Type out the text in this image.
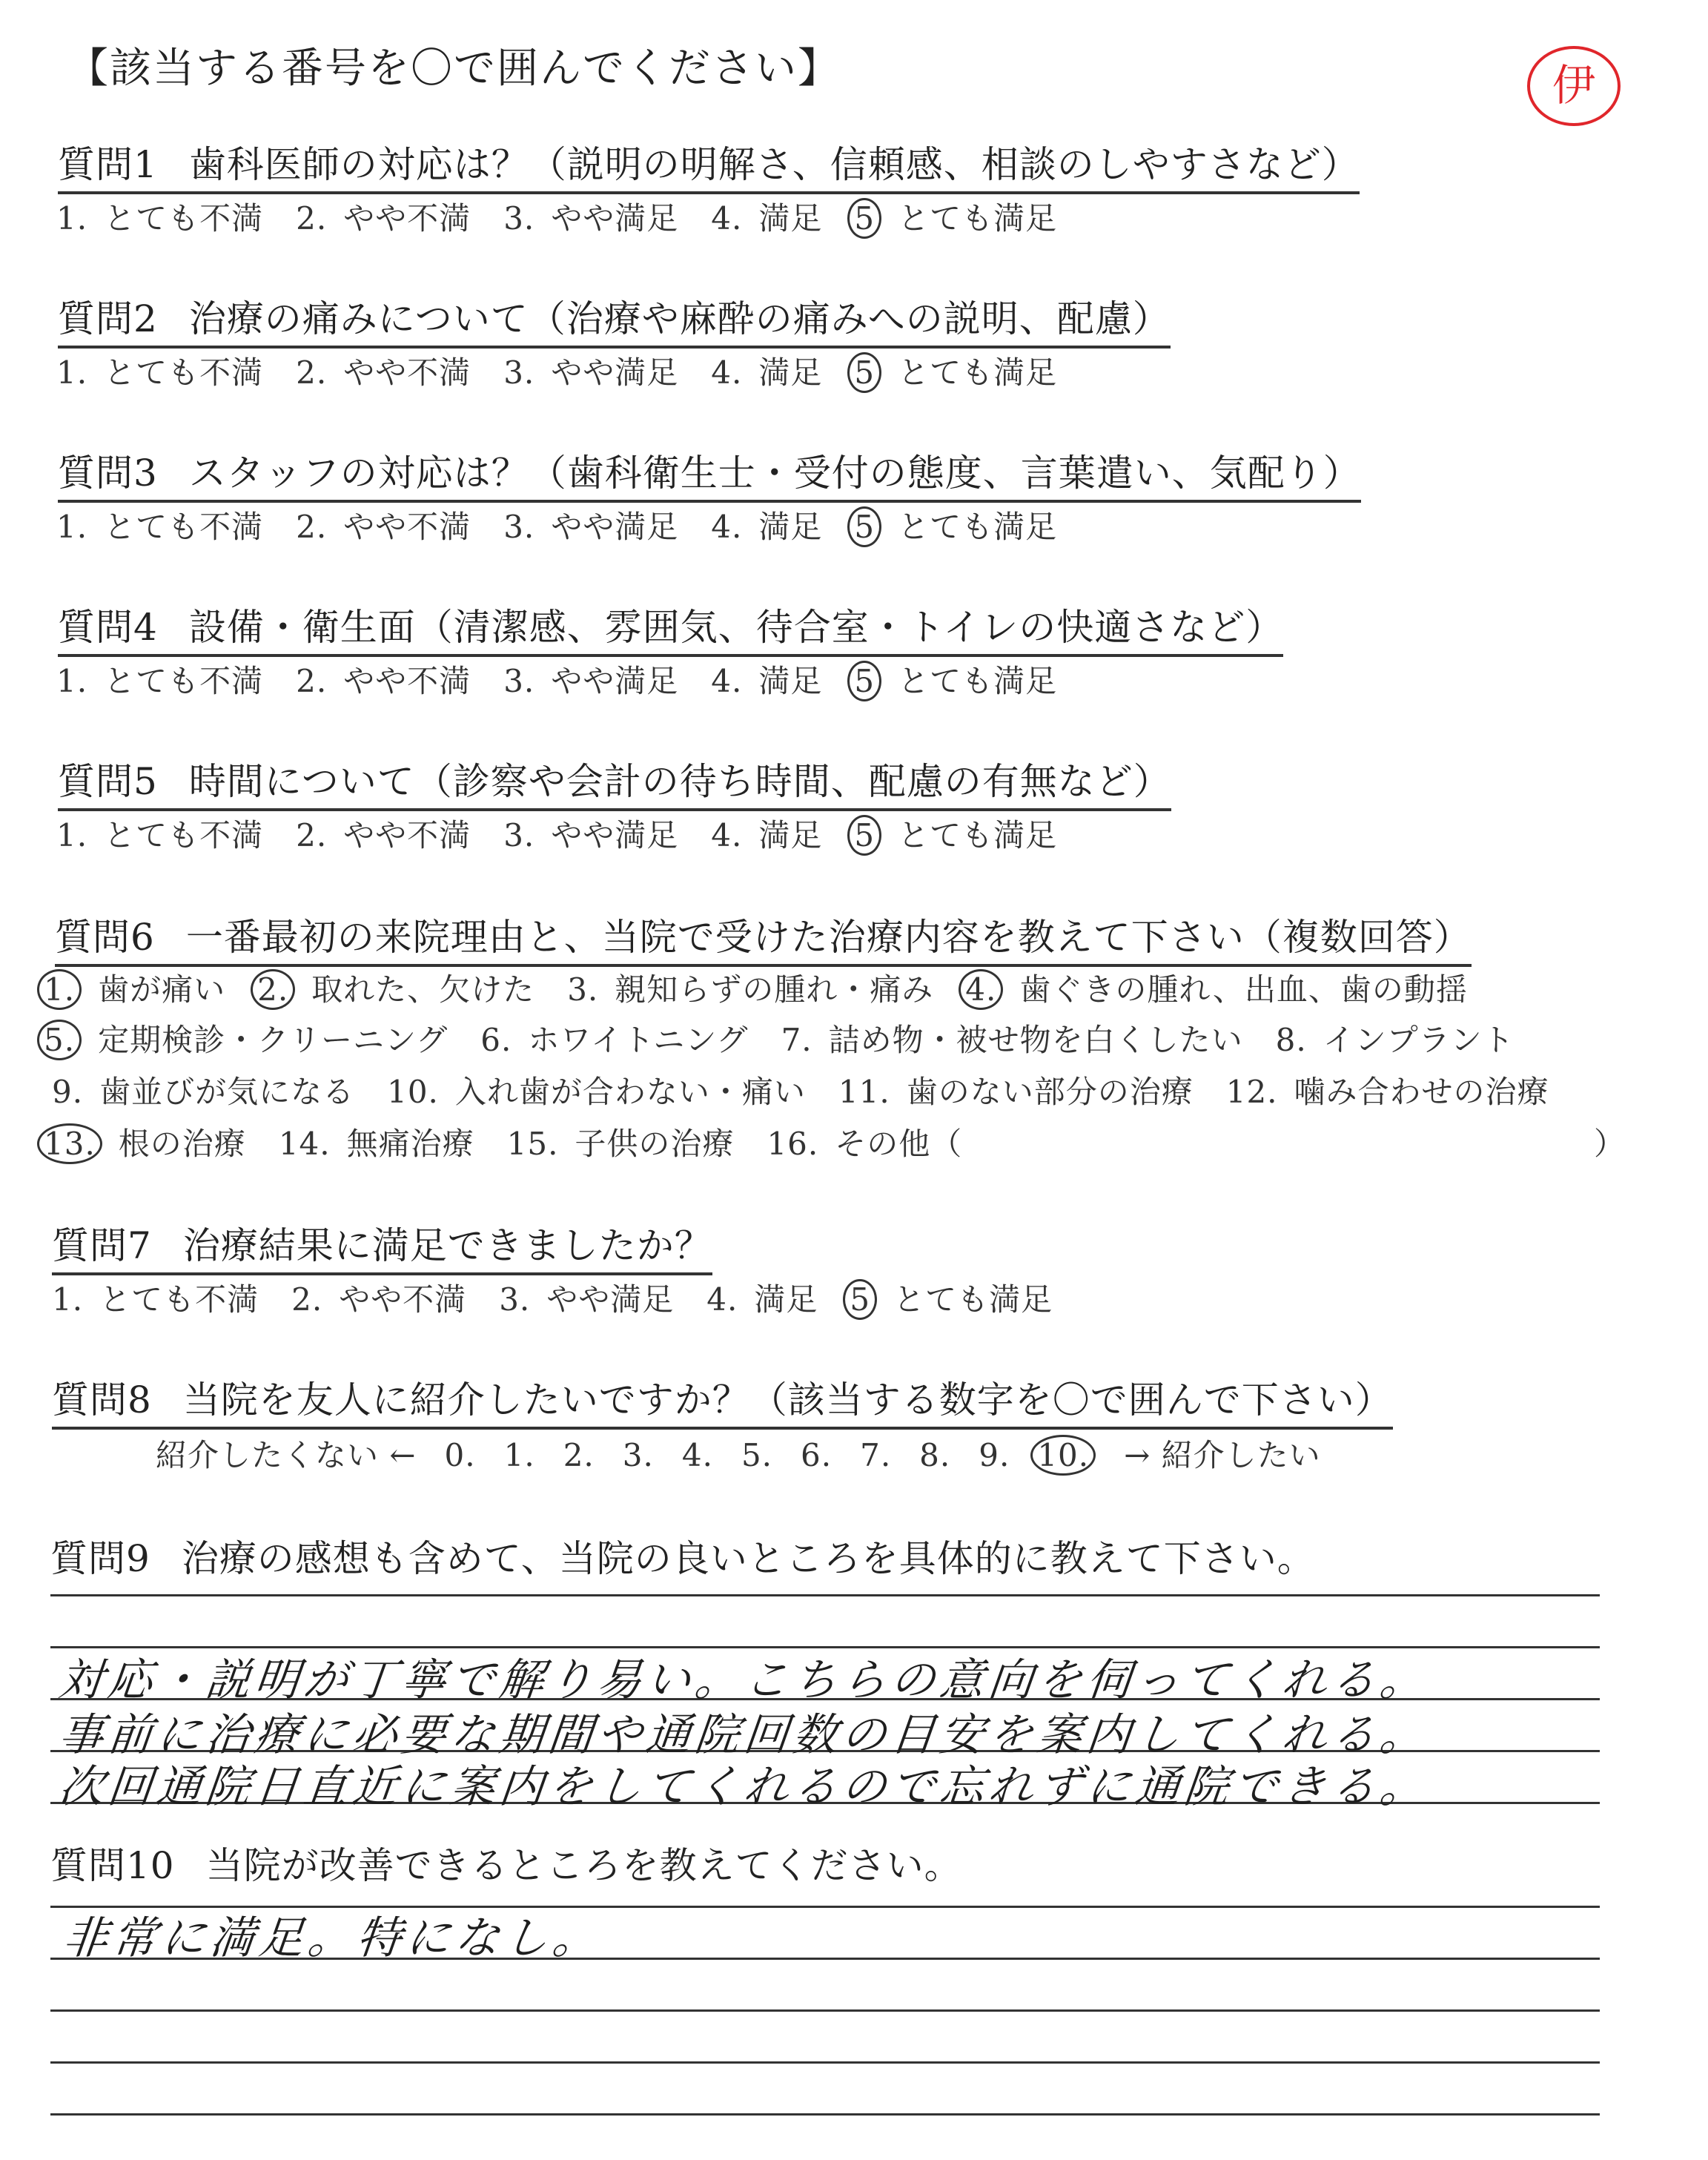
【該当する番号を〇で囲んでください】	伊
質問1 歯科医師の対応は？（説明の明解さ、信頼感、相談のしやすさなど）
1. とても不満 2. やや不満 3. やや満足 4. 満足 5 とても満足
質問2 治療の痛みについて（治療や麻酔の痛みへの説明、配慮）
1. とても不満 2. やや不満 3. やや満足 4. 満足 5 とても満足
質問3 スタッフの対応は？（歯科衛生士・受付の態度、言葉遣い、気配り）
1. とても不満 2. やや不満 3. やや満足 4. 満足 5 とても満足
質問4 設備・衛生面（清潔感、雰囲気、待合室・トイレの快適さなど）
1. とても不満 2. やや不満 3. やや満足 4. 満足 5 とても満足
質問5 時間について（診察や会計の待ち時間、配慮の有無など）
1. とても不満 2. やや不満 3. やや満足 4. 満足 5 とても満足
質問6 一番最初の来院理由と、当院で受けた治療内容を教えて下さい（複数回答）
1. 歯が痛い 2. 取れた、欠けた 3. 親知らずの腫れ・痛み 4. 歯ぐきの腫れ、出血、歯の動揺
5. 定期検診・クリーニング 6. ホワイトニング 7. 詰め物・被せ物を白くしたい 8. インプラント
9. 歯並びが気になる 10. 入れ歯が合わない・痛い 11. 歯のない部分の治療 12. 噛み合わせの治療
13. 根の治療 14. 無痛治療 15. 子供の治療 16. その他（	）
質問7 治療結果に満足できましたか？
1. とても不満 2. やや不満 3. やや満足 4. 満足 5 とても満足
質問8 当院を友人に紹介したいですか？（該当する数字を〇で囲んで下さい）
紹介したくない ← 0. 1. 2. 3. 4. 5. 6. 7. 8. 9. 10. → 紹介したい
質問9 治療の感想も含めて、当院の良いところを具体的に教えて下さい。
対応・説明が丁寧で解り易い。こちらの意向を伺ってくれる。
事前に治療に必要な期間や通院回数の目安を案内してくれる。
次回通院日直近に案内をしてくれるので忘れずに通院できる。
質問10 当院が改善できるところを教えてください。
非常に満足。特になし。
